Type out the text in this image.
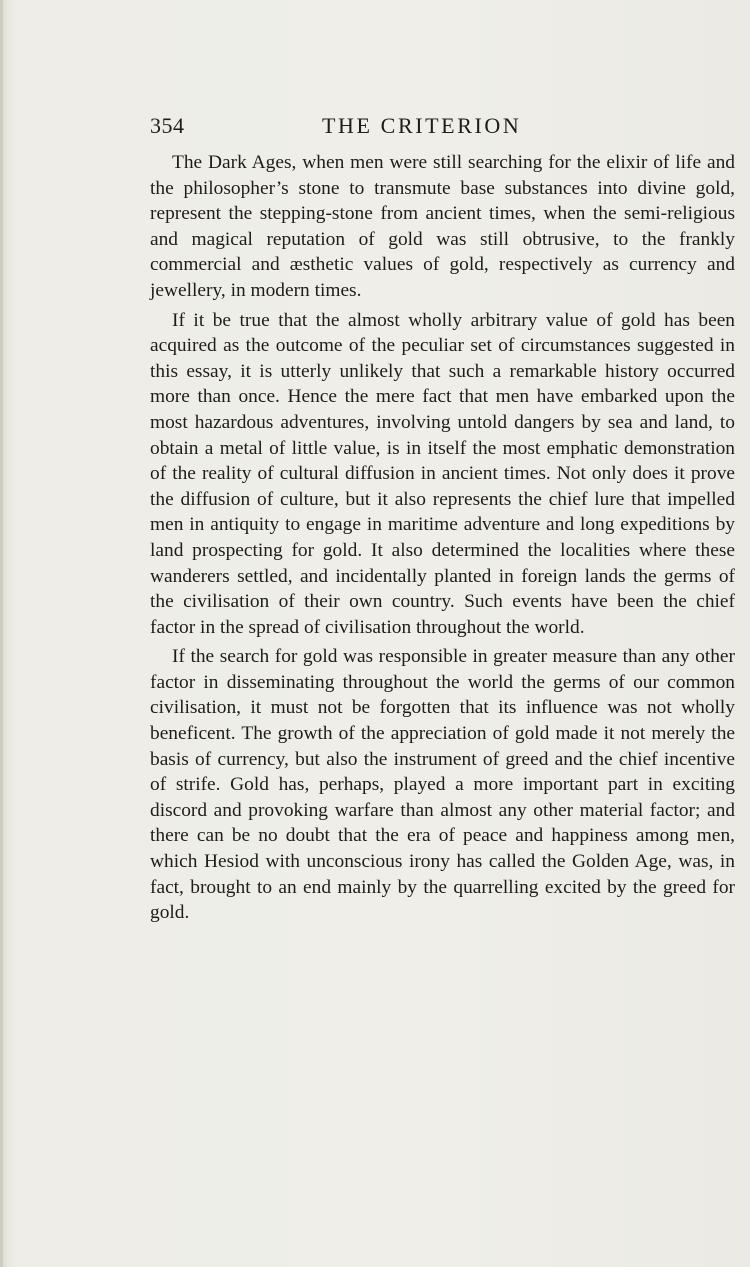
354	THE CRITERION

The Dark Ages, when men were still searching for the elixir of life and the philosopher’s stone to transmute base substances into divine gold, represent the stepping-stone from ancient times, when the semi-religious and magical reputation of gold was still obtrusive, to the frankly commercial and æsthetic values of gold, respectively as currency and jewellery, in modern times.

If it be true that the almost wholly arbitrary value of gold has been acquired as the outcome of the peculiar set of circumstances suggested in this essay, it is utterly unlikely that such a remarkable history occurred more than once. Hence the mere fact that men have embarked upon the most hazardous adventures, involving untold dangers by sea and land, to obtain a metal of little value, is in itself the most emphatic demonstration of the reality of cultural diffusion in ancient times. Not only does it prove the diffusion of culture, but it also represents the chief lure that impelled men in antiquity to engage in maritime adventure and long expeditions by land prospecting for gold. It also determined the localities where these wanderers settled, and incidentally planted in foreign lands the germs of the civilisation of their own country. Such events have been the chief factor in the spread of civilisation throughout the world.

If the search for gold was responsible in greater measure than any other factor in disseminating throughout the world the germs of our common civilisation, it must not be forgotten that its influence was not wholly beneficent. The growth of the appreciation of gold made it not merely the basis of currency, but also the instrument of greed and the chief incentive of strife. Gold has, perhaps, played a more important part in exciting discord and provoking warfare than almost any other material factor; and there can be no doubt that the era of peace and happiness among men, which Hesiod with unconscious irony has called the Golden Age, was, in fact, brought to an end mainly by the quarrelling excited by the greed for gold.
